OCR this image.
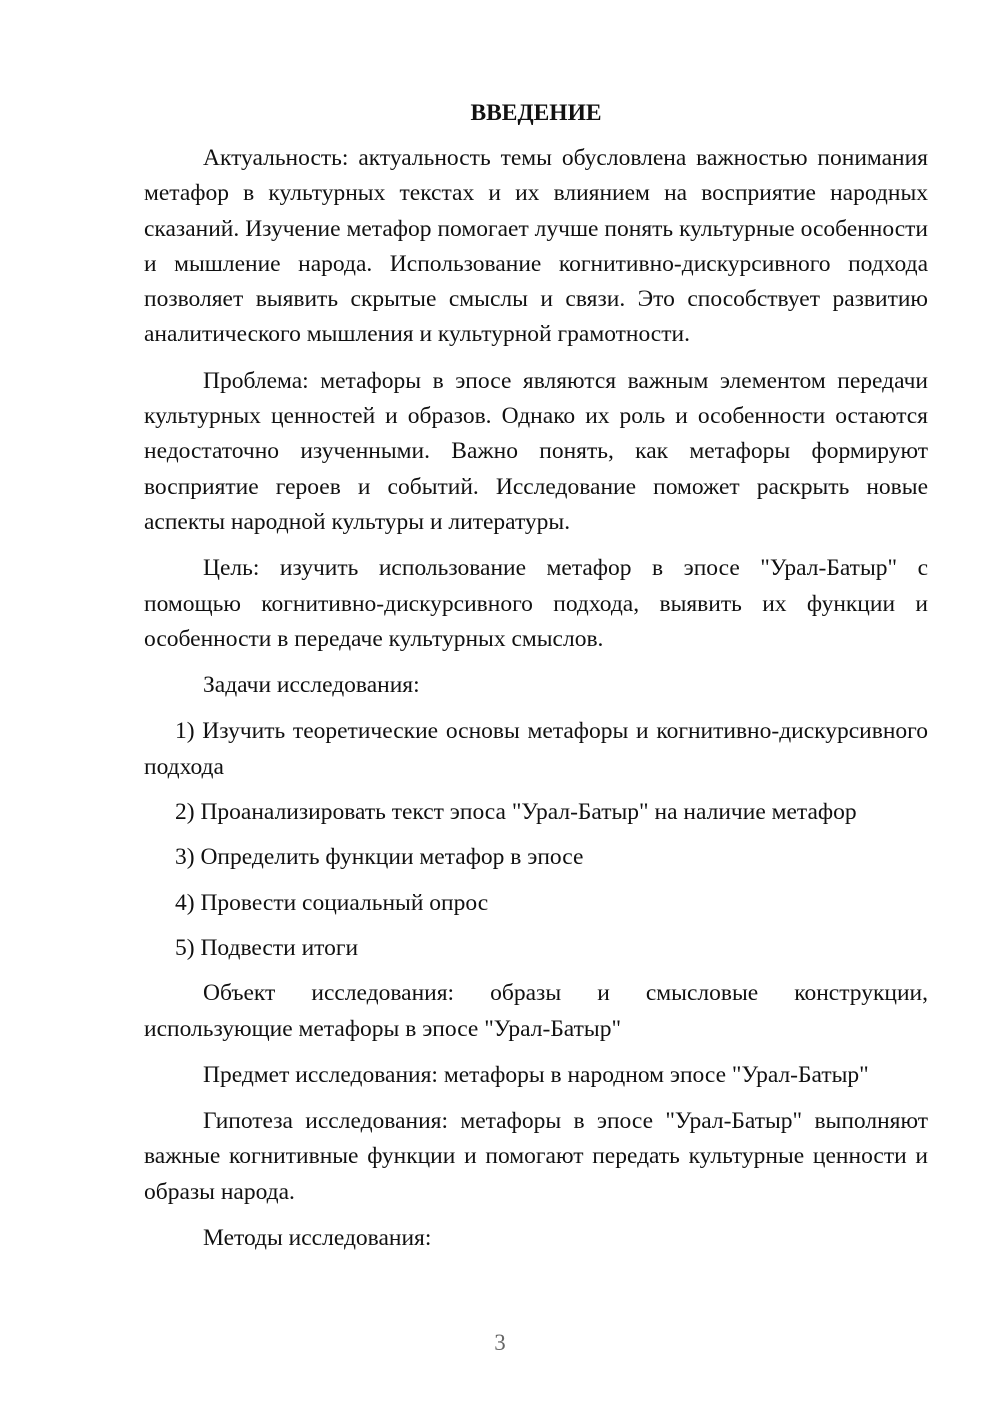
ВВЕДЕНИЕ

Актуальность: актуальность темы обусловлена важностью понимания метафор в культурных текстах и их влиянием на восприятие народных сказаний. Изучение метафор помогает лучше понять культурные особенности и мышление народа. Использование когнитивно-дискурсивного подхода позволяет выявить скрытые смыслы и связи. Это способствует развитию аналитического мышления и культурной грамотности.

Проблема: метафоры в эпосе являются важным элементом передачи культурных ценностей и образов. Однако их роль и особенности остаются недостаточно изученными. Важно понять, как метафоры формируют восприятие героев и событий. Исследование поможет раскрыть новые аспекты народной культуры и литературы.

Цель: изучить использование метафор в эпосе "Урал-Батыр" с помощью когнитивно-дискурсивного подхода, выявить их функции и особенности в передаче культурных смыслов.

Задачи исследования:

1) Изучить теоретические основы метафоры и когнитивно-дискурсивного подхода

2) Проанализировать текст эпоса "Урал-Батыр" на наличие метафор

3) Определить функции метафор в эпосе

4) Провести социальный опрос

5) Подвести итоги

Объект исследования: образы и смысловые конструкции, использующие метафоры в эпосе "Урал-Батыр"

Предмет исследования: метафоры в народном эпосе "Урал-Батыр"

Гипотеза исследования: метафоры в эпосе "Урал-Батыр" выполняют важные когнитивные функции и помогают передать культурные ценности и образы народа.

Методы исследования:

3
